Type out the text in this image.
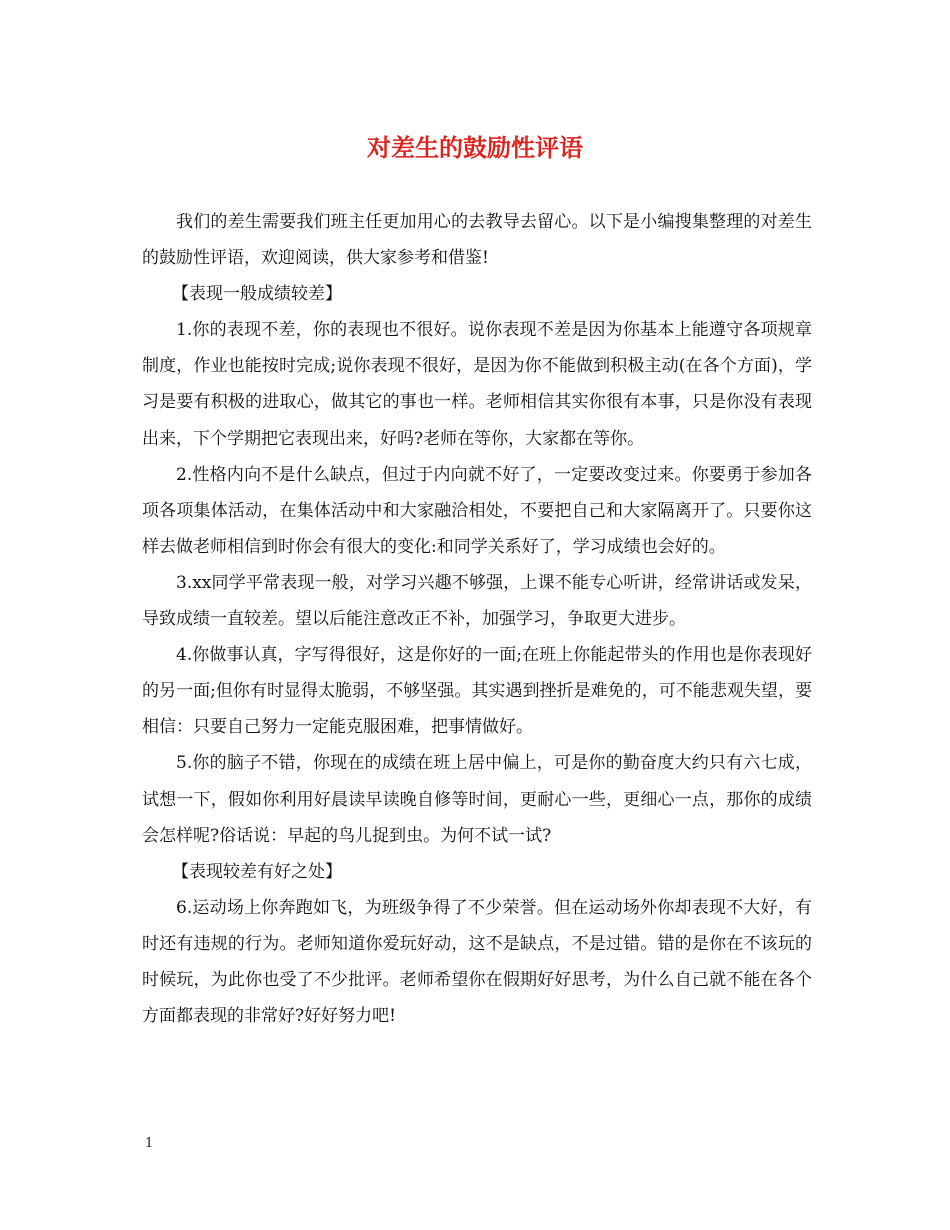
对差生的鼓励性评语

我们的差生需要我们班主任更加用心的去教导去留心。以下是小编搜集整理的对差生的鼓励性评语，欢迎阅读，供大家参考和借鉴!

【表现一般成绩较差】

1.你的表现不差，你的表现也不很好。说你表现不差是因为你基本上能遵守各项规章制度，作业也能按时完成;说你表现不很好，是因为你不能做到积极主动(在各个方面)，学习是要有积极的进取心，做其它的事也一样。老师相信其实你很有本事，只是你没有表现出来，下个学期把它表现出来，好吗?老师在等你，大家都在等你。

2.性格内向不是什么缺点，但过于内向就不好了，一定要改变过来。你要勇于参加各项各项集体活动，在集体活动中和大家融洽相处，不要把自己和大家隔离开了。只要你这样去做老师相信到时你会有很大的变化:和同学关系好了，学习成绩也会好的。

3.xx同学平常表现一般，对学习兴趣不够强，上课不能专心听讲，经常讲话或发呆，导致成绩一直较差。望以后能注意改正不补，加强学习，争取更大进步。

4.你做事认真，字写得很好，这是你好的一面;在班上你能起带头的作用也是你表现好的另一面;但你有时显得太脆弱，不够坚强。其实遇到挫折是难免的，可不能悲观失望，要相信：只要自己努力一定能克服困难，把事情做好。

5.你的脑子不错，你现在的成绩在班上居中偏上，可是你的勤奋度大约只有六七成，试想一下，假如你利用好晨读早读晚自修等时间，更耐心一些，更细心一点，那你的成绩会怎样呢?俗话说：早起的鸟儿捉到虫。为何不试一试?

【表现较差有好之处】

6.运动场上你奔跑如飞，为班级争得了不少荣誉。但在运动场外你却表现不大好，有时还有违规的行为。老师知道你爱玩好动，这不是缺点，不是过错。错的是你在不该玩的时候玩，为此你也受了不少批评。老师希望你在假期好好思考，为什么自己就不能在各个方面都表现的非常好?好好努力吧!

1
